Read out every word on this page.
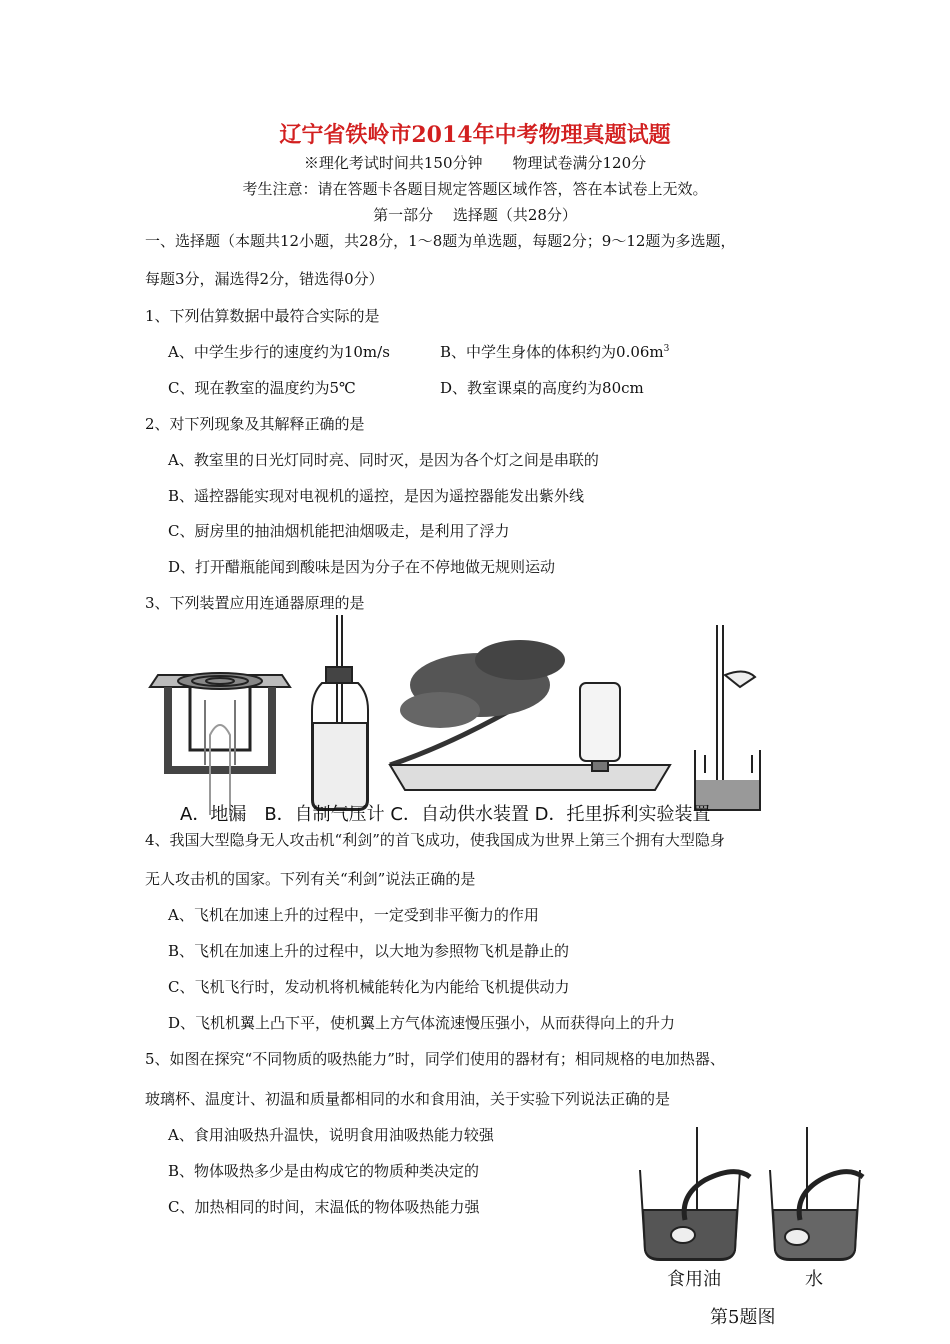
辽宁省铁岭市2014年中考物理真题试题
※理化考试时间共150分钟　　物理试卷满分120分
考生注意：请在答题卡各题目规定答题区域作答，答在本试卷上无效。
第一部分　 选择题（共28分）
一、选择题（本题共12小题，共28分，1～8题为单选题，每题2分；9～12题为多选题，
每题3分，漏选得2分，错选得0分）
1、下列估算数据中最符合实际的是
A、中学生步行的速度约为10m/s	B、中学生身体的体积约为$0.06m^3$
C、现在教室的温度约为5℃	D、教室课桌的高度约为80cm
2、对下列现象及其解释正确的是
A、教室里的日光灯同时亮、同时灭，是因为各个灯之间是串联的
B、遥控器能实现对电视机的遥控，是因为遥控器能发出紫外线
C、厨房里的抽油烟机能把油烟吸走，是利用了浮力
D、打开醋瓶能闻到酸味是因为分子在不停地做无规则运动
3、下列装置应用连通器原理的是
A．地漏　B．自制气压计 C．自动供水装置 D．托里拆利实验装置
4、我国大型隐身无人攻击机“利剑”的首飞成功，使我国成为世界上第三个拥有大型隐身
无人攻击机的国家。下列有关“利剑”说法正确的是
A、飞机在加速上升的过程中，一定受到非平衡力的作用
B、飞机在加速上升的过程中，以大地为参照物飞机是静止的
C、飞机飞行时，发动机将机械能转化为内能给飞机提供动力
D、飞机机翼上凸下平，使机翼上方气体流速慢压强小，从而获得向上的升力
5、如图在探究“不同物质的吸热能力”时，同学们使用的器材有；相同规格的电加热器、
玻璃杯、温度计、初温和质量都相同的水和食用油，关于实验下列说法正确的是
A、食用油吸热升温快，说明食用油吸热能力较强
B、物体吸热多少是由构成它的物质种类决定的
C、加热相同的时间，末温低的物体吸热能力强
食用油	水
第5题图
